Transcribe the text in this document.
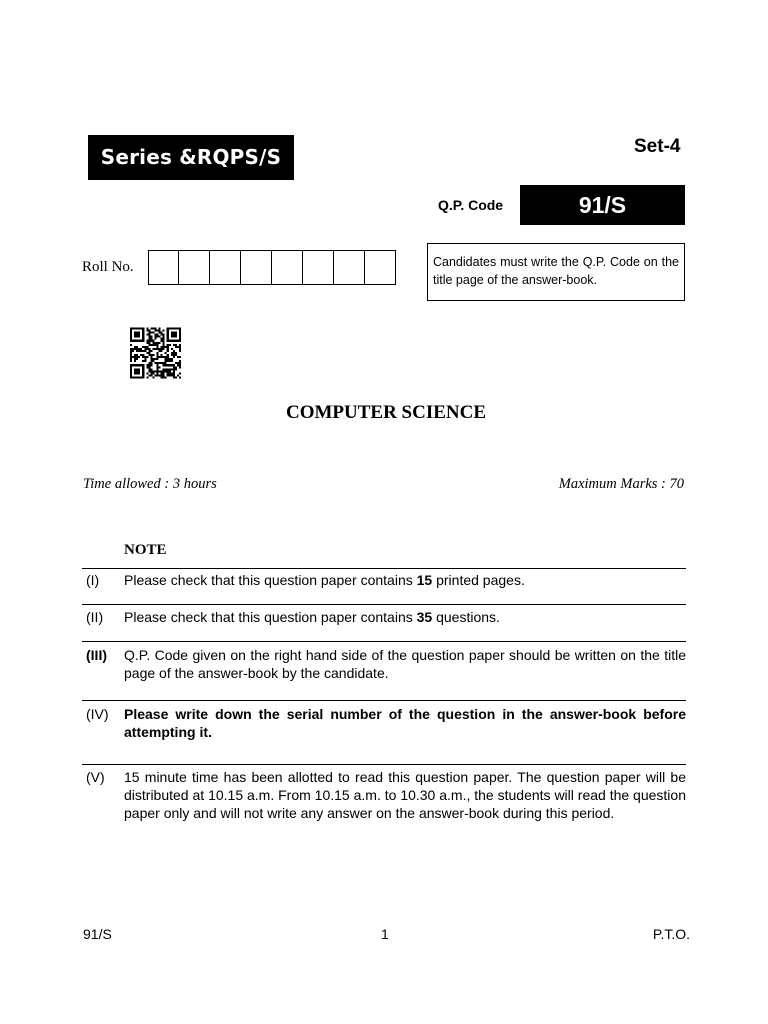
Series &RQPS/S	Set-4
Q.P. Code	91/S
Roll No.	Candidates must write the Q.P. Code on the title page of the answer-book.
COMPUTER SCIENCE
Time allowed : 3 hours	Maximum Marks : 70
NOTE
(I) Please check that this question paper contains 15 printed pages.
(II) Please check that this question paper contains 35 questions.
(III) Q.P. Code given on the right hand side of the question paper should be written on the title page of the answer-book by the candidate.
(IV) Please write down the serial number of the question in the answer-book before attempting it.
(V) 15 minute time has been allotted to read this question paper. The question paper will be distributed at 10.15 a.m. From 10.15 a.m. to 10.30 a.m., the students will read the question paper only and will not write any answer on the answer-book during this period.
91/S	1	P.T.O.
